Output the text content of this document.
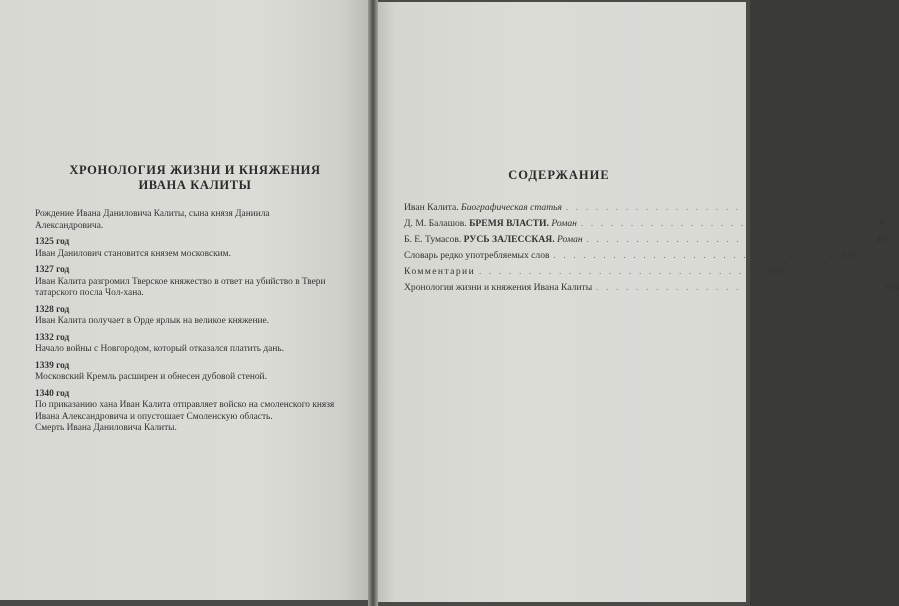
ХРОНОЛОГИЯ ЖИЗНИ И КНЯЖЕНИЯ
ИВАНА КАЛИТЫ

Рождение Ивана Даниловича Калиты, сына князя Даниила Александровича.

1325 год

Иван Данилович становится князем московским.

1327 год

Иван Калита разгромил Тверское княжество в ответ на убийство в Твери татарского посла Чол-хана.

1328 год

Иван Калита получает в Орде ярлык на великое княжение.

1332 год

Начало войны с Новгородом, который отказался платить дань.

1339 год

Московский Кремль расширен и обнесен дубовой стеной.

1340 год

По приказанию хана Иван Калита отправляет войско на смоленского князя Ивана Александровича и опустошает Смоленскую область.

Смерть Ивана Даниловича Калиты.

СОДЕРЖАНИЕ
Иван Калита. Биографическая статья . . . . . . . . . . . . . . . . . . . . . . . . . . . .	5
Д. М. Балашов. БРЕМЯ ВЛАСТИ. Роман . . . . . . . . . . . . . . . . . . . . . . . . . . . .	9
Б. Е. Тумасов. РУСЬ ЗАЛЕССКАЯ. Роман . . . . . . . . . . . . . . . . . . . . . . . . . . . .	405
Словарь редко употребляемых слов . . . . . . . . . . . . . . . . . . . . . . . . . . . .	622
Комментарии . . . . . . . . . . . . . . . . . . . . . . . . . . . .	629
Хронология жизни и княжения Ивана Калиты . . . . . . . . . . . . . . . . . . . . . . . . . . . .	636
